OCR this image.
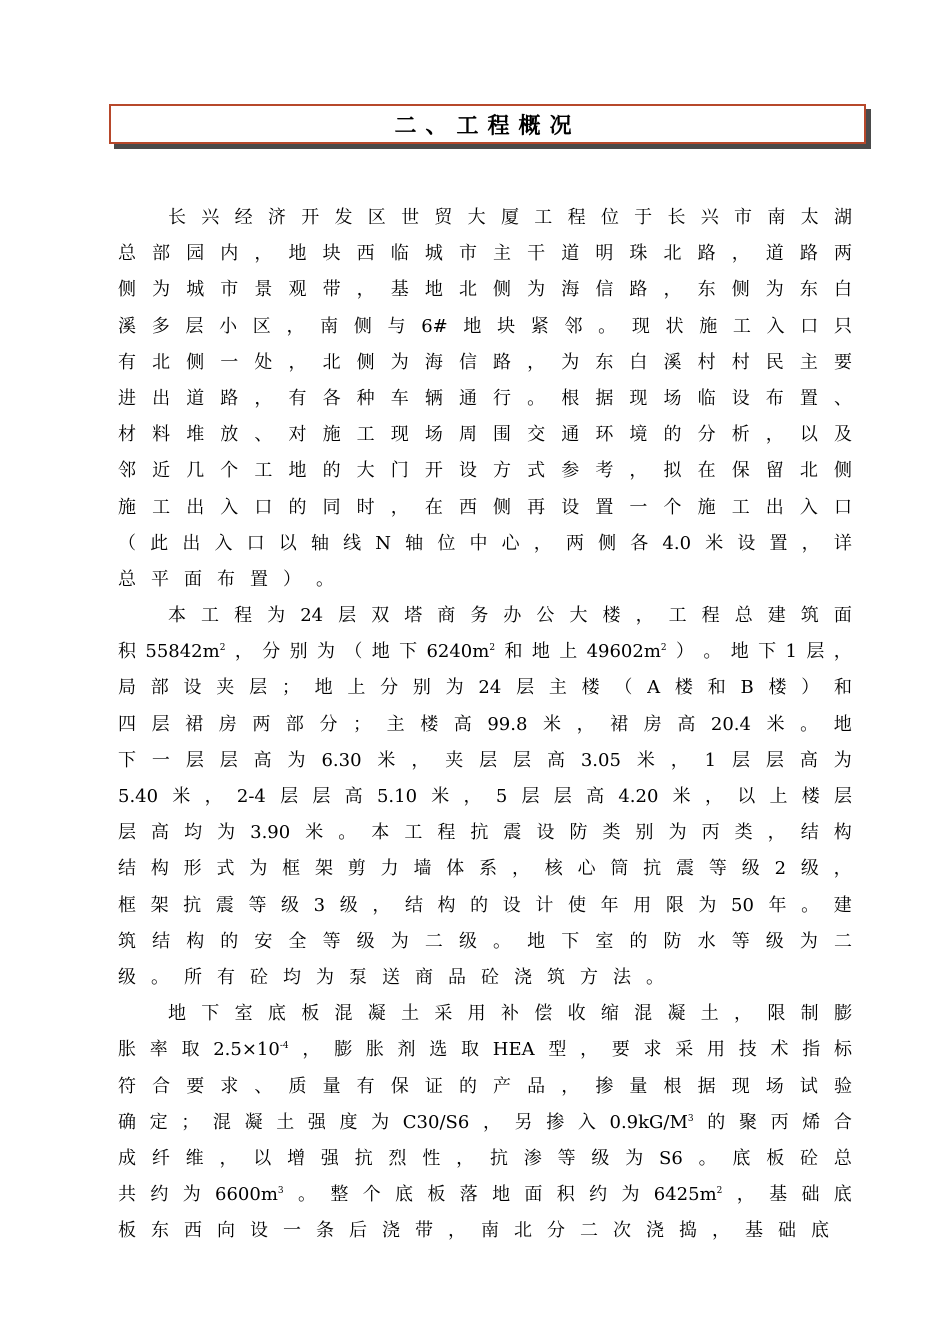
二、工程概况
长 兴 经 济 开 发 区 世 贸 大 厦 工 程 位 于 长 兴 市 南 太 湖
总 部 园 内 ， 地 块 西 临 城 市 主 干 道 明 珠 北 路 ， 道 路 两
侧 为 城 市 景 观 带 ， 基 地 北 侧 为 海 信 路 ， 东 侧 为 东 白
溪 多 层 小 区 ， 南 侧 与 6# 地 块 紧 邻 。 现 状 施 工 入 口 只
有 北 侧 一 处 ， 北 侧 为 海 信 路 ， 为 东 白 溪 村 村 民 主 要
进 出 道 路 ， 有 各 种 车 辆 通 行 。 根 据 现 场 临 设 布 置 、
材 料 堆 放 、 对 施 工 现 场 周 围 交 通 环 境 的 分 析 ， 以 及
邻 近 几 个 工 地 的 大 门 开 设 方 式 参 考 ， 拟 在 保 留 北 侧
施 工 出 入 口 的 同 时 ， 在 西 侧 再 设 置 一 个 施 工 出 入 口
（ 此 出 入 口 以 轴 线 N 轴 位 中 心 ， 两 侧 各 4.0 米 设 置 ， 详
总 平 面 布 置 ） 。
本 工 程 为 24 层 双 塔 商 务 办 公 大 楼 ， 工 程 总 建 筑 面
积 $55842m^2$ ， 分 别 为 （ 地 下 $6240m^2$ 和 地 上 $49602m^2$ ） 。 地 下 1 层 ，
局 部 设 夹 层 ； 地 上 分 别 为 24 层 主 楼 （ A 楼 和 B 楼 ） 和
四 层 裙 房 两 部 分 ； 主 楼 高 99.8 米 ， 裙 房 高 20.4 米 。 地
下 一 层 层 高 为 6.30 米 ， 夹 层 层 高 3.05 米 ， 1 层 层 高 为
5.40 米 ， 2-4 层 层 高 5.10 米 ， 5 层 层 高 4.20 米 ， 以 上 楼 层
层 高 均 为 3.90 米 。 本 工 程 抗 震 设 防 类 别 为 丙 类 ， 结 构
结 构 形 式 为 框 架 剪 力 墙 体 系 ， 核 心 筒 抗 震 等 级 2 级 ，
框 架 抗 震 等 级 3 级 ， 结 构 的 设 计 使 年 用 限 为 50 年 。 建
筑 结 构 的 安 全 等 级 为 二 级 。 地 下 室 的 防 水 等 级 为 二
级 。 所 有 砼 均 为 泵 送 商 品 砼 浇 筑 方 法 。
地 下 室 底 板 混 凝 土 采 用 补 偿 收 缩 混 凝 土 ， 限 制 膨
胀 率 取 $2.5\times 10^{-4}$ ， 膨 胀 剂 选 取 HEA 型 ， 要 求 采 用 技 术 指 标
符 合 要 求 、 质 量 有 保 证 的 产 品 ， 掺 量 根 据 现 场 试 验
确 定 ； 混 凝 土 强 度 为 C30/S6 ， 另 掺 入 $0.9kG/M^3$ 的 聚 丙 烯 合
成 纤 维 ， 以 增 强 抗 烈 性 ， 抗 渗 等 级 为 S6 。 底 板 砼 总
共 约 为 $6600m^3$ 。 整 个 底 板 落 地 面 积 约 为 $6425m^2$ ， 基 础 底
板 东 西 向 设 一 条 后 浇 带 ， 南 北 分 二 次 浇 捣 ， 基 础 底
